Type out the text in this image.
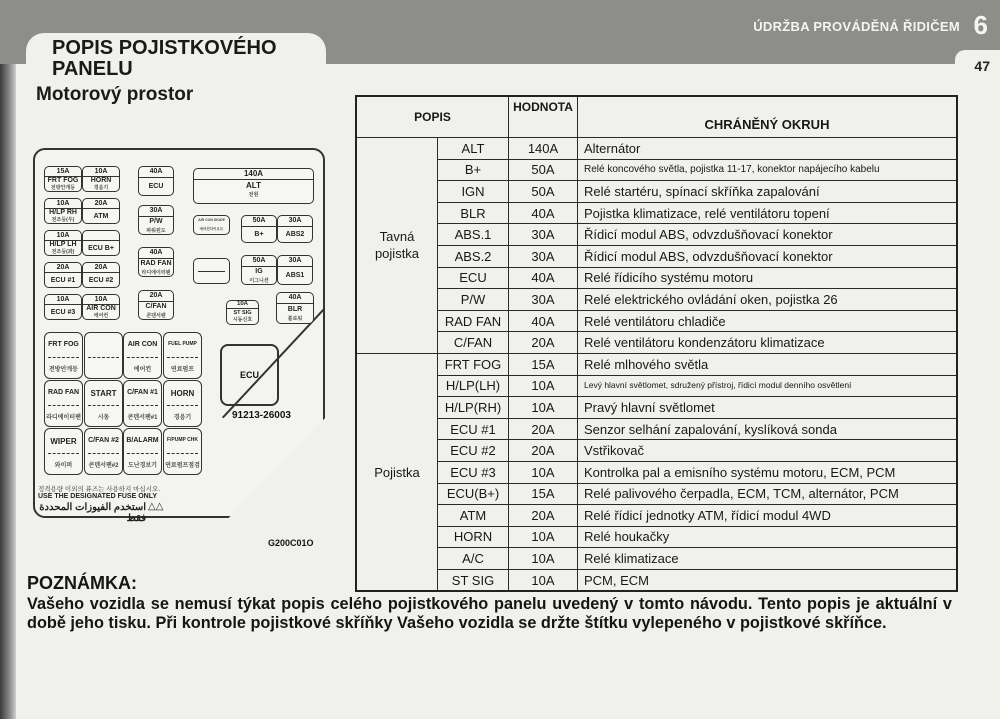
ÚDRŽBA PROVÁDĚNÁ ŘIDIČEM 6
47
POPIS POJISTKOVÉHO
PANELU
Motorový prostor
15A
FRT FOG
전방안개등
10A
HORN
경음기
10A
H/LP RH
전조등(우)
20A
ATM
10A
H/LP LH
전조등(좌)	ECU B+
20A
ECU #1
20A
ECU #2
10A
ECU #3
10A
AIR CON
에어컨
40A
ECU
30A
P/W
파워윈도
40A
RAD FAN
라디에이터팬
20A
C/FAN
콘덴서팬
140A
ALT
전원
AIR CON DIODE
에어컨다이오드
50A
B+
30A
ABS2
50A
IG
이그니션
30A
ABS1
10A
ST SIG
시동신호
40A
BLR
블로워
FRT FOG
전방안개등
AIR CON
에어컨
FUEL PUMP
연료펌프
RAD FAN
라디에이터팬
START
시동
C/FAN #1
콘덴서팬#1
HORN
경음기
WIPER
와이퍼
C/FAN #2
콘덴서팬#2
B/ALARM
도난경보기
F/PUMP CHK
연료펌프점검
ECU
91213-26003
정격용량 이외의 퓨즈는 사용하지 마십시오.
USE THE DESIGNATED FUSE ONLY
استخدم الفيوزات المحددة فقط
△△
G200C01O
POPIS		HODNOTA	CHRÁNĚNÝ OKRUH

Tavná
pojistka	ALT	140A	Alternátor
	B+	50A	Relé koncového světla, pojistka 11-17, konektor napájecího kabelu
	IGN	50A	Relé startéru, spínací skříňka zapalování
	BLR	40A	Pojistka klimatizace, relé ventilátoru topení
	ABS.1	30A	Řídicí modul ABS, odvzdušňovací konektor
	ABS.2	30A	Řídicí modul ABS, odvzdušňovací konektor
	ECU	40A	Relé řídicího systému motoru
	P/W	30A	Relé elektrického ovládání oken, pojistka 26
	RAD FAN	40A	Relé ventilátoru chladiče
	C/FAN	20A	Relé ventilátoru kondenzátoru klimatizace

Pojistka	FRT FOG	15A	Relé mlhového světla
	H/LP(LH)	10A	Levý hlavní světlomet, sdružený přístroj, řídicí modul denního osvětlení
	H/LP(RH)	10A	Pravý hlavní světlomet
	ECU #1	20A	Senzor selhání zapalování, kyslíková sonda
	ECU #2	20A	Vstřikovač
	ECU #3	10A	Kontrolka pal a emisního systému motoru, ECM, PCM
	ECU(B+)	15A	Relé palivového čerpadla, ECM, TCM, alternátor, PCM
	ATM	20A	Relé řídicí jednotky ATM, řídicí modul 4WD
	HORN	10A	Relé houkačky
	A/C	10A	Relé klimatizace
	ST SIG	10A	PCM, ECM
POZNÁMKA:
Vašeho vozidla se nemusí týkat popis celého pojistkového panelu uvedený v tomto návodu. Tento popis je aktuální v době jeho tisku. Při kontrole pojistkové skříňky Vašeho vozidla se držte štítku vylepeného v pojistkové skříňce.
